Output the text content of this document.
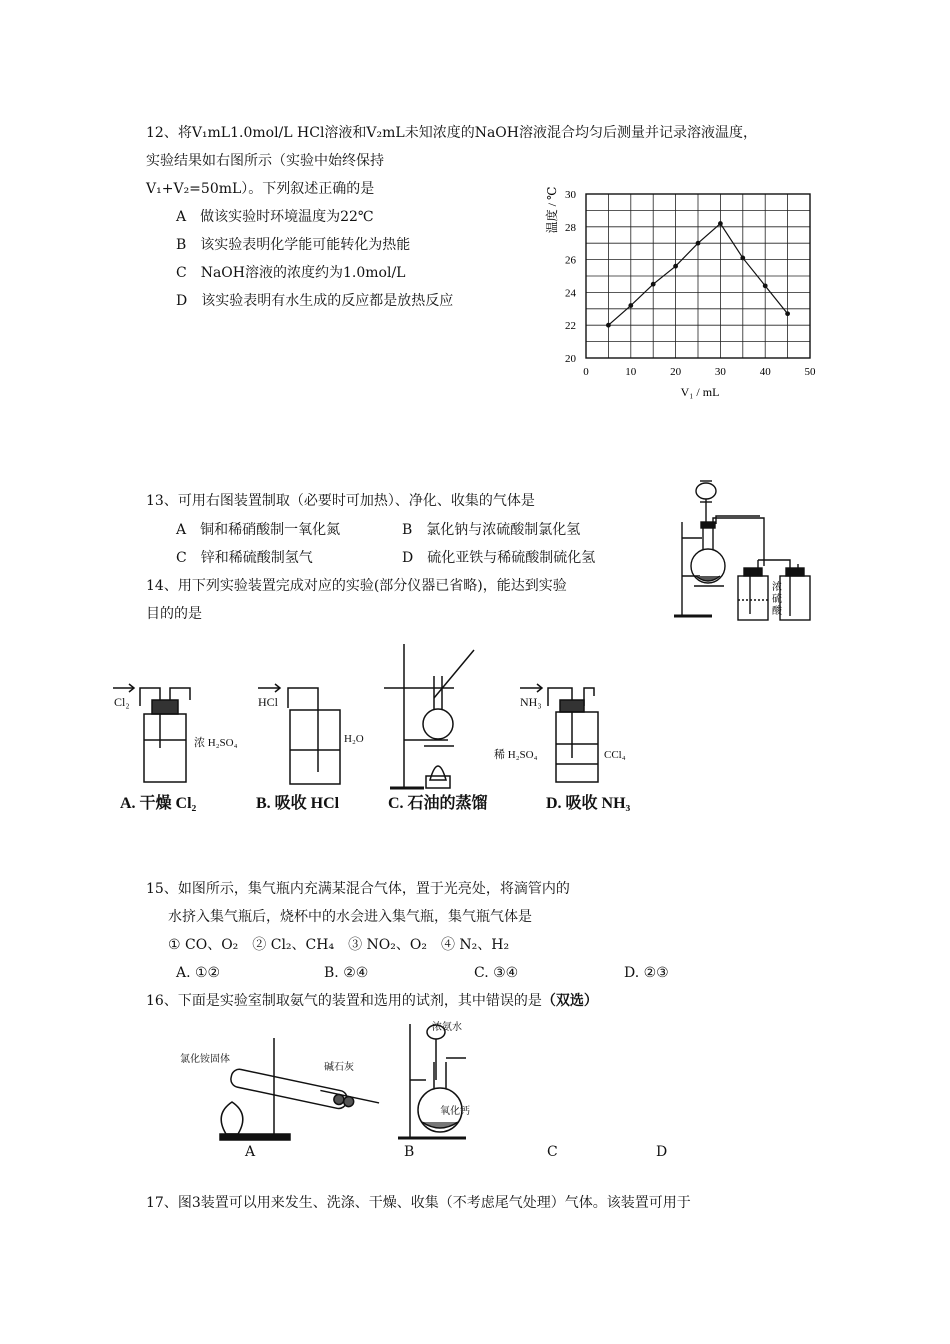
12、将V₁mL1.0mol/L HCl溶液和V₂mL未知浓度的NaOH溶液混合均匀后测量并记录溶液温度，
实验结果如右图所示（实验中始终保持
V₁+V₂=50mL）。下列叙述正确的是
A　做该实验时环境温度为22℃
B　该实验表明化学能可能转化为热能
C　NaOH溶液的浓度约为1.0mol/L
D　该实验表明有水生成的反应都是放热反应
0	10	20	30	40	50
20
22
24
26
28
30
V₁ / mL
温度 / ℃
13、可用右图装置制取（必要时可加热）、净化、收集的气体是
A　铜和稀硝酸制一氧化氮	B　氯化钠与浓硫酸制氯化氢
C　锌和稀硫酸制氢气	D　硫化亚铁与稀硫酸制硫化氢
浓
硫
酸
14、用下列实验装置完成对应的实验(部分仪器已省略)，能达到实验
目的的是
Cl₂
浓 H₂SO₄
A. 干燥 Cl₂
HCl
H₂O
B. 吸收 HCl	C. 石油的蒸馏
NH₃
稀 H₂SO₄	CCl₄
D. 吸收 NH₃
15、如图所示，集气瓶内充满某混合气体，置于光亮处，将滴管内的
水挤入集气瓶后，烧杯中的水会进入集气瓶，集气瓶气体是
① CO、O₂　② Cl₂、CH₄　③ NO₂、O₂　④ N₂、H₂
A. ①②	B. ②④	C. ③④	D. ②③
16、下面是实验室制取氨气的装置和选用的试剂，其中错误的是（双选）
氯化铵固体
碱石灰
浓氨水
氧化钙
A	B	C	D
17、图3装置可以用来发生、洗涤、干燥、收集（不考虑尾气处理）气体。该装置可用于
